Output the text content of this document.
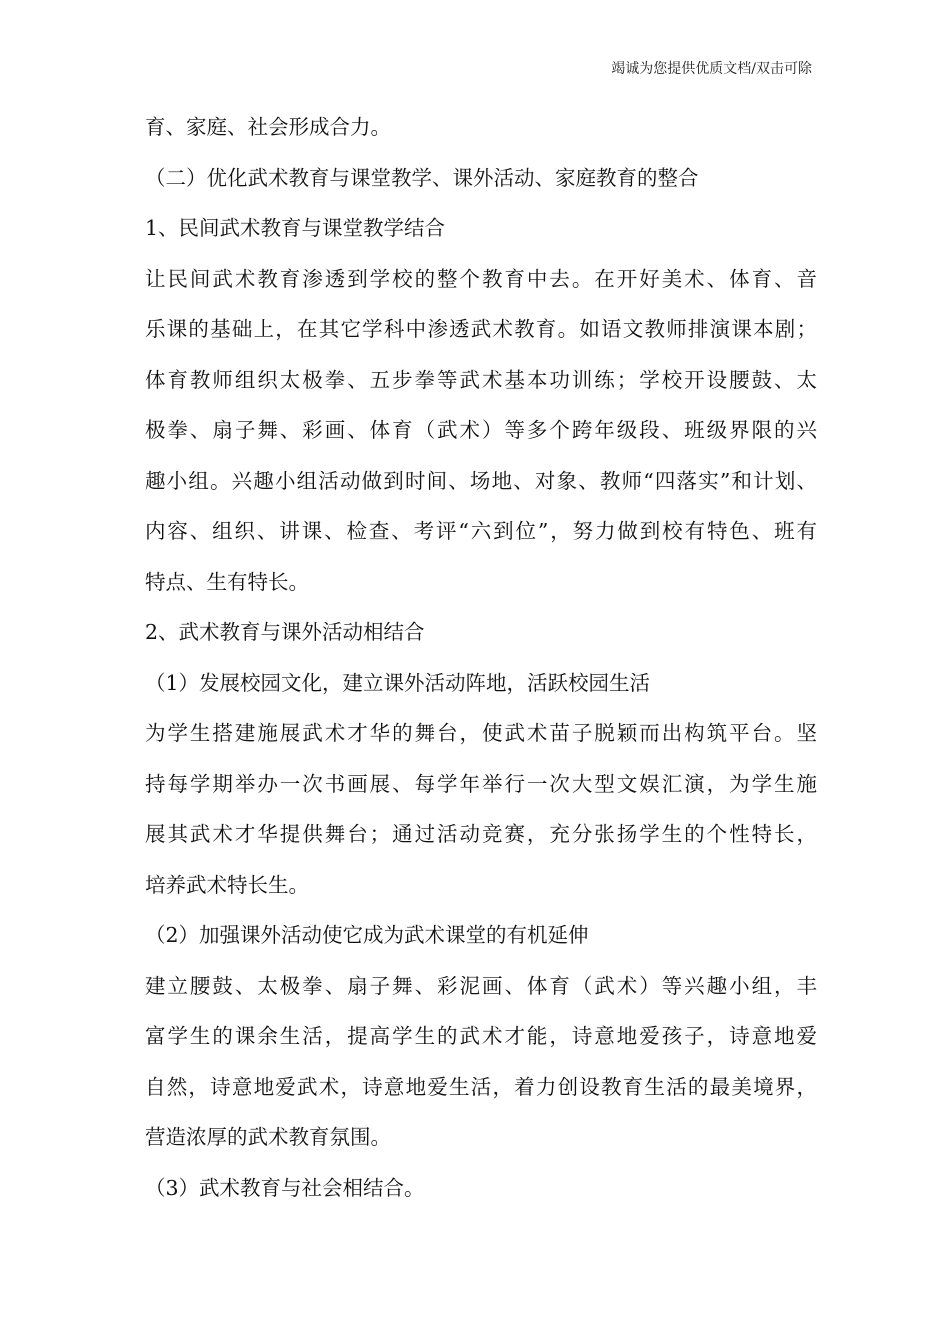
竭诚为您提供优质文档/双击可除
育、家庭、社会形成合力。
（二）优化武术教育与课堂教学、课外活动、家庭教育的整合
1、民间武术教育与课堂教学结合
让民间武术教育渗透到学校的整个教育中去。在开好美术、体育、音
乐课的基础上，在其它学科中渗透武术教育。如语文教师排演课本剧；
体育教师组织太极拳、五步拳等武术基本功训练；学校开设腰鼓、太
极拳、扇子舞、彩画、体育（武术）等多个跨年级段、班级界限的兴
趣小组。兴趣小组活动做到时间、场地、对象、教师“四落实”和计划、
内容、组织、讲课、检查、考评“六到位”，努力做到校有特色、班有
特点、生有特长。
2、武术教育与课外活动相结合
（1）发展校园文化，建立课外活动阵地，活跃校园生活
为学生搭建施展武术才华的舞台，使武术苗子脱颖而出构筑平台。坚
持每学期举办一次书画展、每学年举行一次大型文娱汇演，为学生施
展其武术才华提供舞台；通过活动竞赛，充分张扬学生的个性特长，
培养武术特长生。
（2）加强课外活动使它成为武术课堂的有机延伸
建立腰鼓、太极拳、扇子舞、彩泥画、体育（武术）等兴趣小组，丰
富学生的课余生活，提高学生的武术才能，诗意地爱孩子，诗意地爱
自然，诗意地爱武术，诗意地爱生活，着力创设教育生活的最美境界，
营造浓厚的武术教育氛围。
（3）武术教育与社会相结合。
